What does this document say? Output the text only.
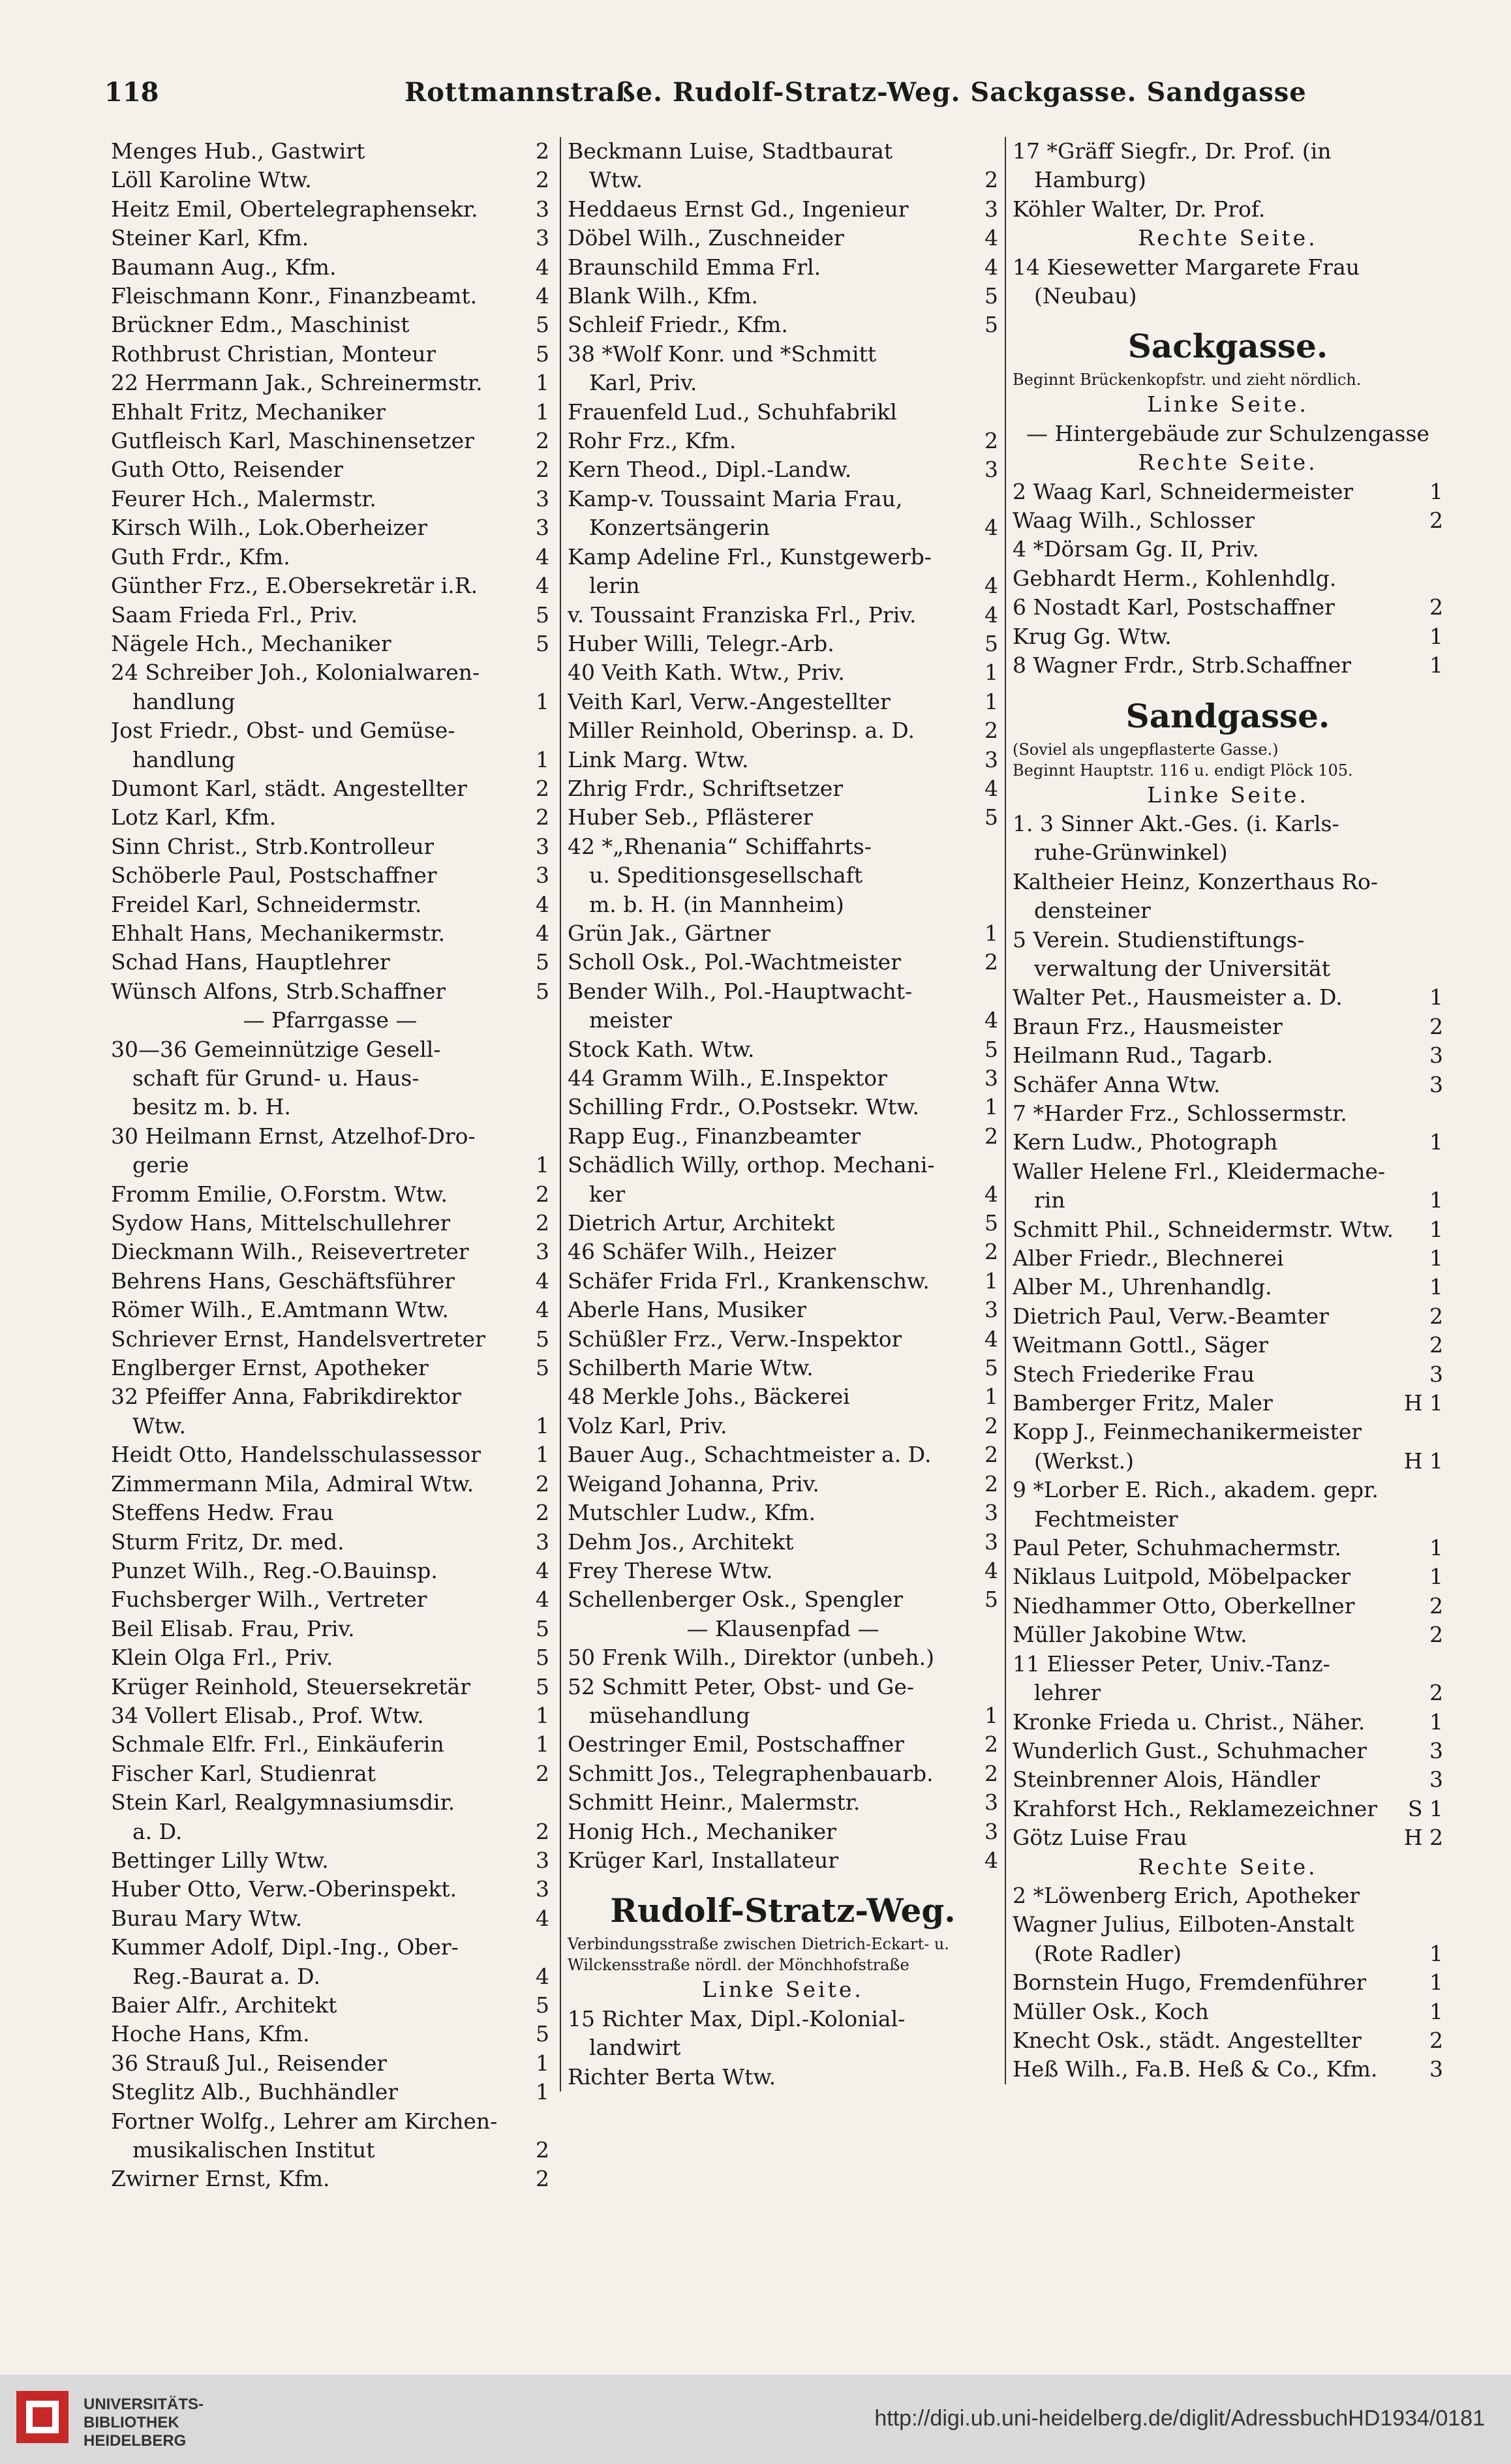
118	Rottmannstraße. Rudolf-Stratz-Weg. Sackgasse. Sandgasse
Menges Hub., Gastwirt	2
Löll Karoline Wtw.	2
Heitz Emil, Obertelegraphensekr.	3
Steiner Karl, Kfm.	3
Baumann Aug., Kfm.	4
Fleischmann Konr., Finanzbeamt.	4
Brückner Edm., Maschinist	5
Rothbrust Christian, Monteur	5
22 Herrmann Jak., Schreinermstr. 1
Ehhalt Fritz, Mechaniker	1
Gutfleisch Karl, Maschinensetzer	2
Guth Otto, Reisender	2
Feurer Hch., Malermstr.	3
Kirsch Wilh., Lok.Oberheizer	3
Guth Frdr., Kfm.	4
Günther Frz., E.Obersekretär i.R.	4
Saam Frieda Frl., Priv.	5
Nägele Hch., Mechaniker	5
24 Schreiber Joh., Kolonialwaren-
 handlung	1
Jost Friedr., Obst- und Gemüse-
 handlung	1
Dumont Karl, städt. Angestellter	2
Lotz Karl, Kfm.	2
Sinn Christ., Strb.Kontrolleur	3
Schöberle Paul, Postschaffner	3
Freidel Karl, Schneidermstr.	4
Ehhalt Hans, Mechanikermstr.	4
Schad Hans, Hauptlehrer	5
Wünsch Alfons, Strb.Schaffner	5
— Pfarrgasse —
30—36 Gemeinnützige Gesell-
 schaft für Grund- u. Haus-
 besitz m. b. H.
30 Heilmann Ernst, Atzelhof-Dro-
 gerie	1
Fromm Emilie, O.Forstm. Wtw.	2
Sydow Hans, Mittelschullehrer	2
Dieckmann Wilh., Reisevertreter	3
Behrens Hans, Geschäftsführer	4
Römer Wilh., E.Amtmann Wtw.	4
Schriever Ernst, Handelsvertreter 5
Englberger Ernst, Apotheker	5
32 Pfeiffer Anna, Fabrikdirektor
 Wtw.	1
Heidt Otto, Handelsschulassessor	1
Zimmermann Mila, Admiral Wtw.	2
Steffens Hedw. Frau	2
Sturm Fritz, Dr. med.	3
Punzet Wilh., Reg.-O.Bauinsp.	4
Fuchsberger Wilh., Vertreter	4
Beil Elisab. Frau, Priv.	5
Klein Olga Frl., Priv.	5
Krüger Reinhold, Steuersekretär	5
34 Vollert Elisab., Prof. Wtw.	1
Schmale Elfr. Frl., Einkäuferin	1
Fischer Karl, Studienrat	2
Stein Karl, Realgymnasiumsdir.
 a. D.	2
Bettinger Lilly Wtw.	3
Huber Otto, Verw.-Oberinspekt.	3
Burau Mary Wtw.	4
Kummer Adolf, Dipl.-Ing., Ober-
 Reg.-Baurat a. D.	4
Baier Alfr., Architekt	5
Hoche Hans, Kfm.	5
36 Strauß Jul., Reisender	1
Steglitz Alb., Buchhändler	1
Fortner Wolfg., Lehrer am Kirchen-
 musikalischen Institut	2
Zwirner Ernst, Kfm.	2
Beckmann Luise, Stadtbaurat
 Wtw.	2
Heddaeus Ernst Gd., Ingenieur	3
Döbel Wilh., Zuschneider	4
Braunschild Emma Frl.	4
Blank Wilh., Kfm.	5
Schleif Friedr., Kfm.	5
38 *Wolf Konr. und *Schmitt
 Karl, Priv.
Frauenfeld Lud., Schuhfabrikl
Rohr Frz., Kfm.	2
Kern Theod., Dipl.-Landw.	3
Kamp-v. Toussaint Maria Frau,
 Konzertsängerin	4
Kamp Adeline Frl., Kunstgewerb-
 lerin	4
v. Toussaint Franziska Frl., Priv.	4
Huber Willi, Telegr.-Arb.	5
40 Veith Kath. Wtw., Priv.	1
Veith Karl, Verw.-Angestellter	1
Miller Reinhold, Oberinsp. a. D.	2
Link Marg. Wtw.	3
Zhrig Frdr., Schriftsetzer	4
Huber Seb., Pflästerer	5
42 *„Rhenania“ Schiffahrts-
 u. Speditionsgesellschaft
 m. b. H. (in Mannheim)
Grün Jak., Gärtner	1
Scholl Osk., Pol.-Wachtmeister	2
Bender Wilh., Pol.-Hauptwacht-
 meister	4
Stock Kath. Wtw.	5
44 Gramm Wilh., E.Inspektor	3
Schilling Frdr., O.Postsekr. Wtw.	1
Rapp Eug., Finanzbeamter	2
Schädlich Willy, orthop. Mechani-
 ker	4
Dietrich Artur, Architekt	5
46 Schäfer Wilh., Heizer	2
Schäfer Frida Frl., Krankenschw.	1
Aberle Hans, Musiker	3
Schüßler Frz., Verw.-Inspektor	4
Schilberth Marie Wtw.	5
48 Merkle Johs., Bäckerei	1
Volz Karl, Priv.	2
Bauer Aug., Schachtmeister a. D. 2
Weigand Johanna, Priv.	2
Mutschler Ludw., Kfm.	3
Dehm Jos., Architekt	3
Frey Therese Wtw.	4
Schellenberger Osk., Spengler	5
— Klausenpfad —
50 Frenk Wilh., Direktor (unbeh.)
52 Schmitt Peter, Obst- und Ge-
 müsehandlung	1
Oestringer Emil, Postschaffner	2
Schmitt Jos., Telegraphenbauarb. 2
Schmitt Heinr., Malermstr.	3
Honig Hch., Mechaniker	3
Krüger Karl, Installateur	4
Rudolf-Stratz-Weg.
Verbindungsstraße zwischen Dietrich-Eckart- u. Wilckensstraße nördl. der Mönchhofstraße
Linke Seite.
15 Richter Max, Dipl.-Kolonial-
 landwirt
Richter Berta Wtw.
17 *Gräff Siegfr., Dr. Prof. (in
 Hamburg)
Köhler Walter, Dr. Prof.
Rechte Seite.
14 Kiesewetter Margarete Frau
 (Neubau)
Sackgasse.
Beginnt Brückenkopfstr. und zieht nördlich.
Linke Seite.
— Hintergebäude zur Schulzengasse
Rechte Seite.
2 Waag Karl, Schneidermeister	1
Waag Wilh., Schlosser	2
4 *Dörsam Gg. II, Priv.
Gebhardt Herm., Kohlenhdlg.
6 Nostadt Karl, Postschaffner	2
Krug Gg. Wtw.	1
8 Wagner Frdr., Strb.Schaffner	1
Sandgasse.
(Soviel als ungepflasterte Gasse.)
Beginnt Hauptstr. 116 u. endigt Plöck 105.
Linke Seite.
1. 3 Sinner Akt.-Ges. (i. Karls-
 ruhe-Grünwinkel)
Kaltheier Heinz, Konzerthaus Ro-
 densteiner
5 Verein. Studienstiftungs-
 verwaltung der Universität
Walter Pet., Hausmeister a. D.	1
Braun Frz., Hausmeister	2
Heilmann Rud., Tagarb.	3
Schäfer Anna Wtw.	3
7 *Harder Frz., Schlossermstr.
Kern Ludw., Photograph	1
Waller Helene Frl., Kleidermache-
 rin	1
Schmitt Phil., Schneidermstr. Wtw. 1
Alber Friedr., Blechnerei	1
Alber M., Uhrenhandlg.	1
Dietrich Paul, Verw.-Beamter	2
Weitmann Gottl., Säger	2
Stech Friederike Frau	3
Bamberger Fritz, Maler	H 1
Kopp J., Feinmechanikermeister
 (Werkst.)	H 1
9 *Lorber E. Rich., akadem. gepr.
 Fechtmeister
Paul Peter, Schuhmachermstr.	1
Niklaus Luitpold, Möbelpacker	1
Niedhammer Otto, Oberkellner	2
Müller Jakobine Wtw.	2
11 Eliesser Peter, Univ.-Tanz-
 lehrer	2
Kronke Frieda u. Christ., Näher.	1
Wunderlich Gust., Schuhmacher	3
Steinbrenner Alois, Händler	3
Krahforst Hch., Reklamezeichner S 1
Götz Luise Frau	H 2
Rechte Seite.
2 *Löwenberg Erich, Apotheker
Wagner Julius, Eilboten-Anstalt
 (Rote Radler)	1
Bornstein Hugo, Fremdenführer	1
Müller Osk., Koch	1
Knecht Osk., städt. Angestellter	2
Heß Wilh., Fa.B. Heß & Co., Kfm. 3
UNIVERSITÄTS-
BIBLIOTHEK
HEIDELBERG
http://digi.ub.uni-heidelberg.de/diglit/AdressbuchHD1934/0181
